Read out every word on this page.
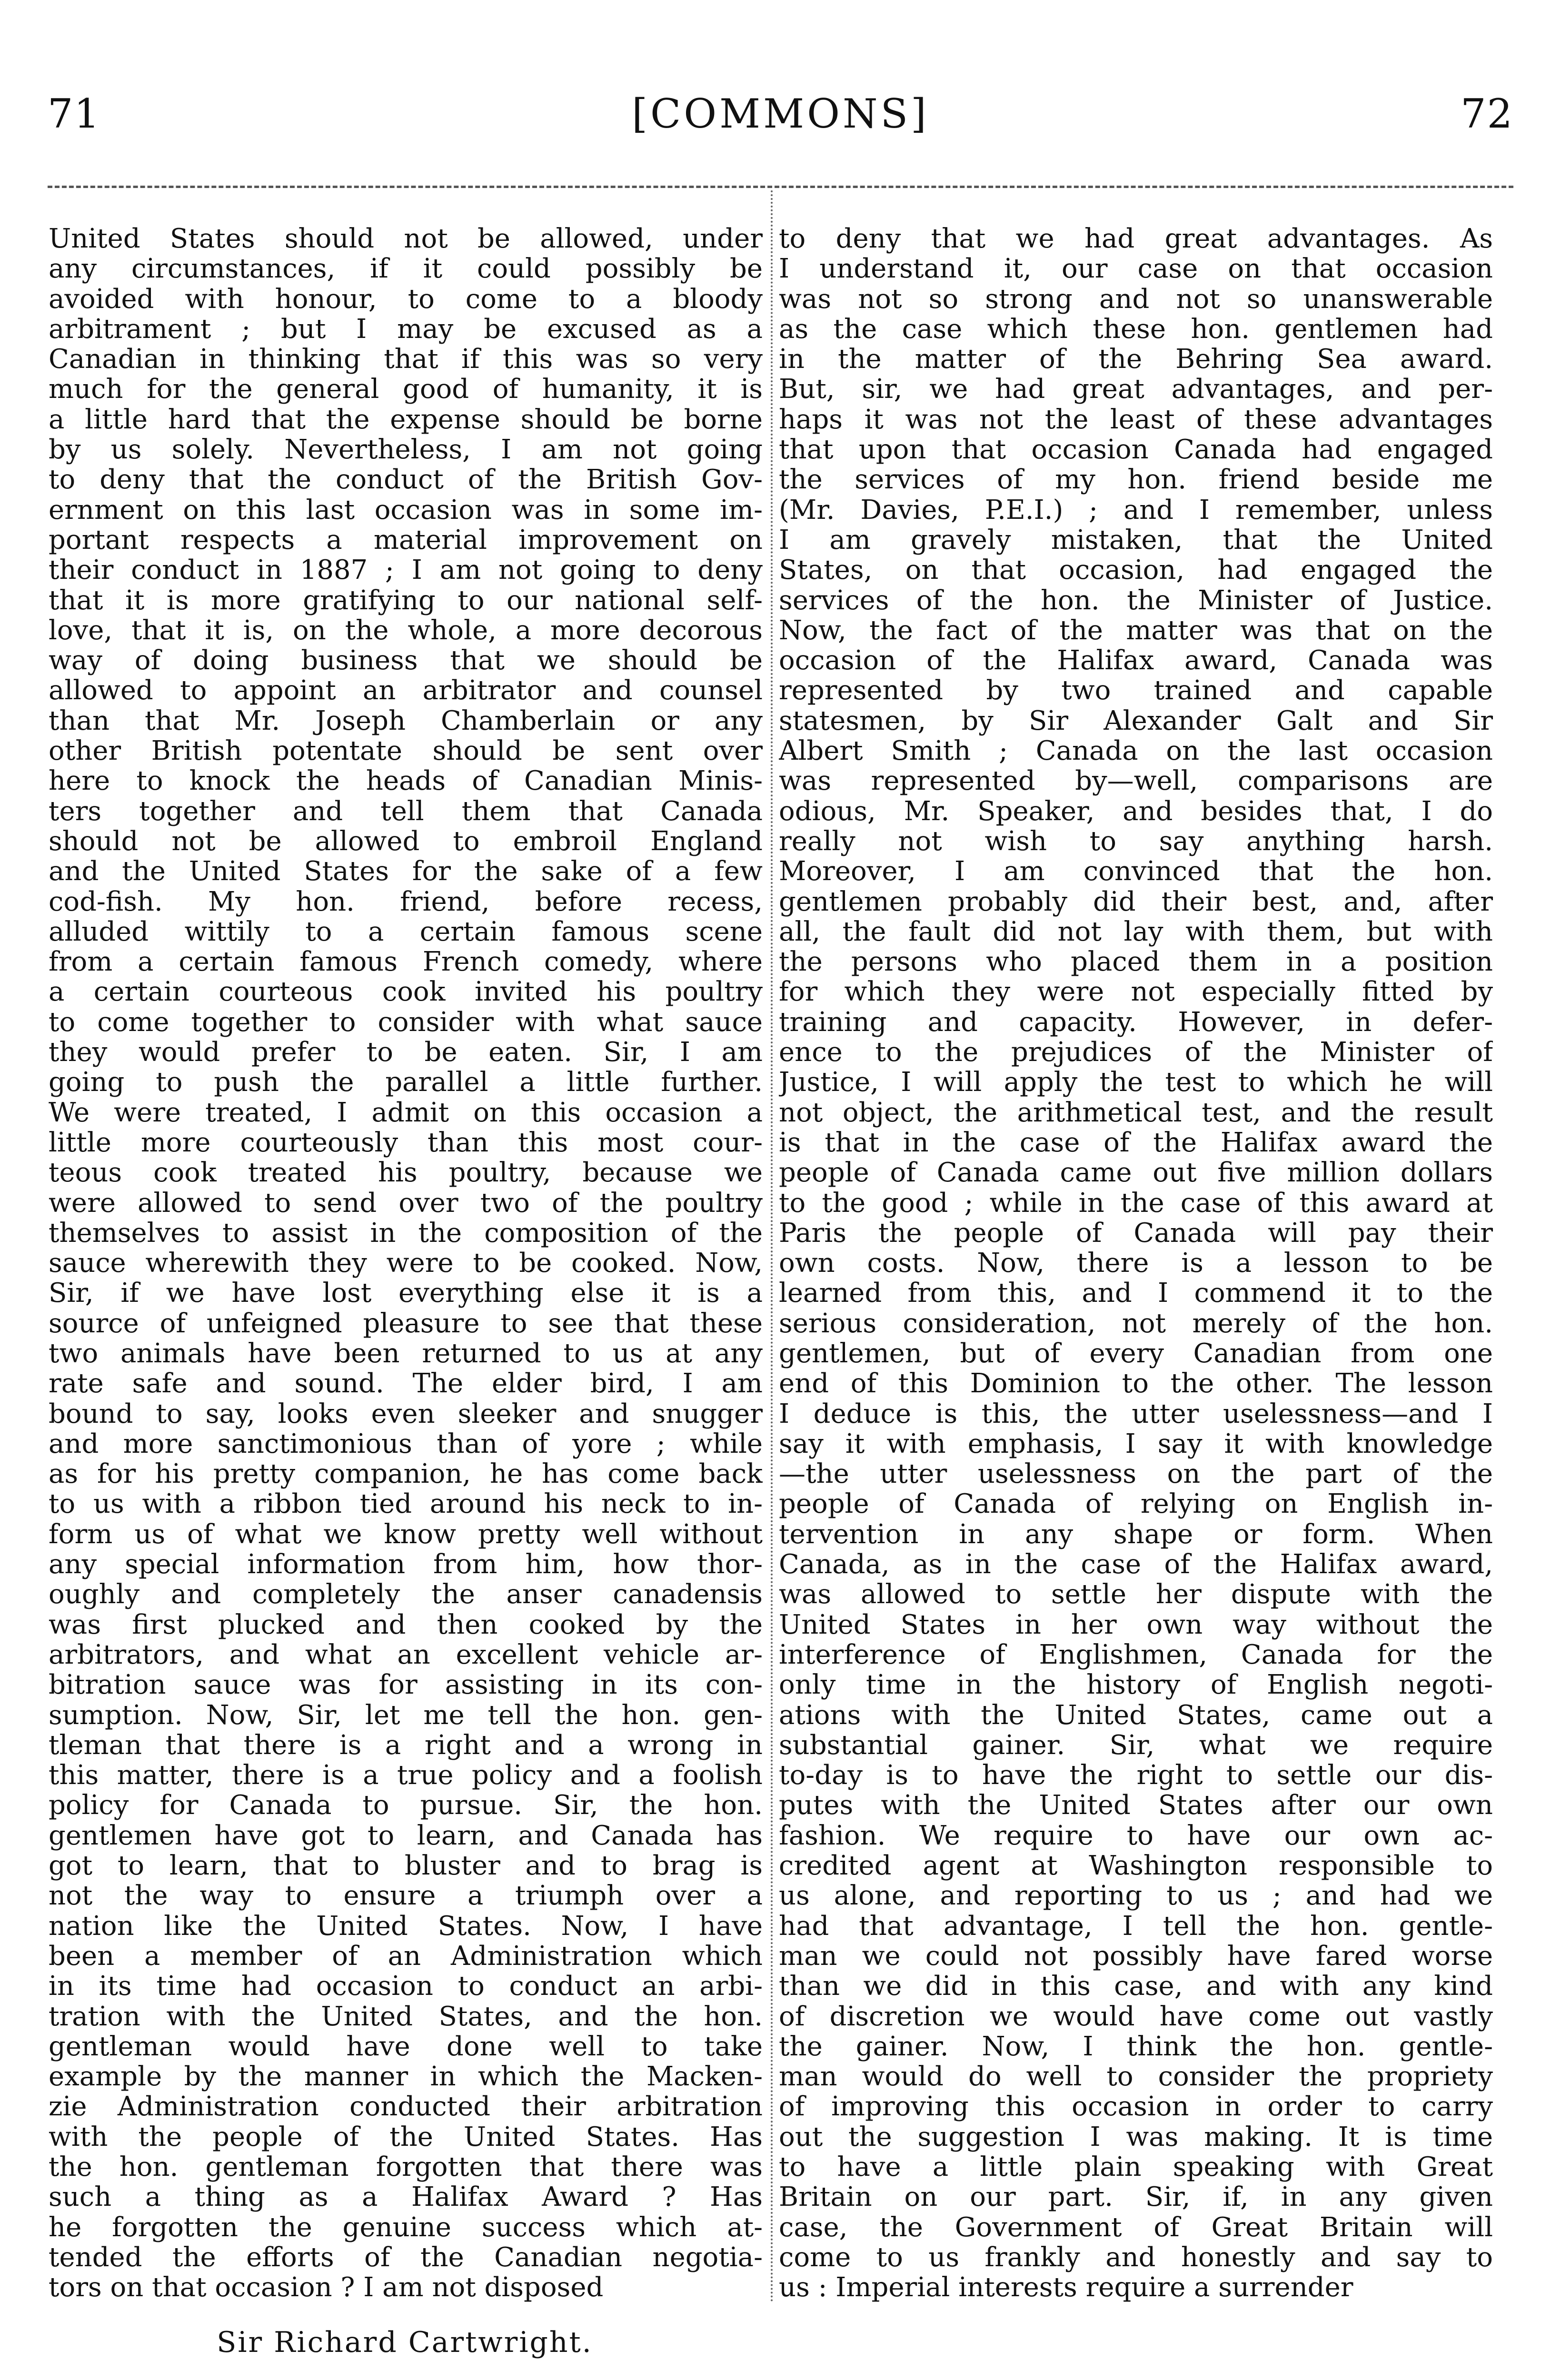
71	[COMMONS]	72
United States should not be allowed, under
any circumstances, if it could possibly be
avoided with honour, to come to a bloody
arbitrament ; but I may be excused as a
Canadian in thinking that if this was so very
much for the general good of humanity, it is
a little hard that the expense should be borne
by us solely. Nevertheless, I am not going
to deny that the conduct of the British Gov-
ernment on this last occasion was in some im-
portant respects a material improvement on
their conduct in 1887 ; I am not going to deny
that it is more gratifying to our national self-
love, that it is, on the whole, a more decorous
way of doing business that we should be
allowed to appoint an arbitrator and counsel
than that Mr. Joseph Chamberlain or any
other British potentate should be sent over
here to knock the heads of Canadian Minis-
ters together and tell them that Canada
should not be allowed to embroil England
and the United States for the sake of a few
cod-fish. My hon. friend, before recess,
alluded wittily to a certain famous scene
from a certain famous French comedy, where
a certain courteous cook invited his poultry
to come together to consider with what sauce
they would prefer to be eaten. Sir, I am
going to push the parallel a little further.
We were treated, I admit on this occasion a
little more courteously than this most cour-
teous cook treated his poultry, because we
were allowed to send over two of the poultry
themselves to assist in the composition of the
sauce wherewith they were to be cooked. Now,
Sir, if we have lost everything else it is a
source of unfeigned pleasure to see that these
two animals have been returned to us at any
rate safe and sound. The elder bird, I am
bound to say, looks even sleeker and snugger
and more sanctimonious than of yore ; while
as for his pretty companion, he has come back
to us with a ribbon tied around his neck to in-
form us of what we know pretty well without
any special information from him, how thor-
oughly and completely the anser canadensis
was first plucked and then cooked by the
arbitrators, and what an excellent vehicle ar-
bitration sauce was for assisting in its con-
sumption. Now, Sir, let me tell the hon. gen-
tleman that there is a right and a wrong in
this matter, there is a true policy and a foolish
policy for Canada to pursue. Sir, the hon.
gentlemen have got to learn, and Canada has
got to learn, that to bluster and to brag is
not the way to ensure a triumph over a
nation like the United States. Now, I have
been a member of an Administration which
in its time had occasion to conduct an arbi-
tration with the United States, and the hon.
gentleman would have done well to take
example by the manner in which the Macken-
zie Administration conducted their arbitration
with the people of the United States. Has
the hon. gentleman forgotten that there was
such a thing as a Halifax Award ? Has
he forgotten the genuine success which at-
tended the efforts of the Canadian negotia-
tors on that occasion ? I am not disposed
to deny that we had great advantages. As
I understand it, our case on that occasion
was not so strong and not so unanswerable
as the case which these hon. gentlemen had
in the matter of the Behring Sea award.
But, sir, we had great advantages, and per-
haps it was not the least of these advantages
that upon that occasion Canada had engaged
the services of my hon. friend beside me
(Mr. Davies, P.E.I.) ; and I remember, unless
I am gravely mistaken, that the United
States, on that occasion, had engaged the
services of the hon. the Minister of Justice.
Now, the fact of the matter was that on the
occasion of the Halifax award, Canada was
represented by two trained and capable
statesmen, by Sir Alexander Galt and Sir
Albert Smith ; Canada on the last occasion
was represented by—well, comparisons are
odious, Mr. Speaker, and besides that, I do
really not wish to say anything harsh.
Moreover, I am convinced that the hon.
gentlemen probably did their best, and, after
all, the fault did not lay with them, but with
the persons who placed them in a position
for which they were not especially fitted by
training and capacity. However, in defer-
ence to the prejudices of the Minister of
Justice, I will apply the test to which he will
not object, the arithmetical test, and the result
is that in the case of the Halifax award the
people of Canada came out five million dollars
to the good ; while in the case of this award at
Paris the people of Canada will pay their
own costs. Now, there is a lesson to be
learned from this, and I commend it to the
serious consideration, not merely of the hon.
gentlemen, but of every Canadian from one
end of this Dominion to the other. The lesson
I deduce is this, the utter uselessness—and I
say it with emphasis, I say it with knowledge
—the utter uselessness on the part of the
people of Canada of relying on English in-
tervention in any shape or form. When
Canada, as in the case of the Halifax award,
was allowed to settle her dispute with the
United States in her own way without the
interference of Englishmen, Canada for the
only time in the history of English negoti-
ations with the United States, came out a
substantial gainer. Sir, what we require
to-day is to have the right to settle our dis-
putes with the United States after our own
fashion. We require to have our own ac-
credited agent at Washington responsible to
us alone, and reporting to us ; and had we
had that advantage, I tell the hon. gentle-
man we could not possibly have fared worse
than we did in this case, and with any kind
of discretion we would have come out vastly
the gainer. Now, I think the hon. gentle-
man would do well to consider the propriety
of improving this occasion in order to carry
out the suggestion I was making. It is time
to have a little plain speaking with Great
Britain on our part. Sir, if, in any given
case, the Government of Great Britain will
come to us frankly and honestly and say to
us : Imperial interests require a surrender
Sir Richard Cartwright.
